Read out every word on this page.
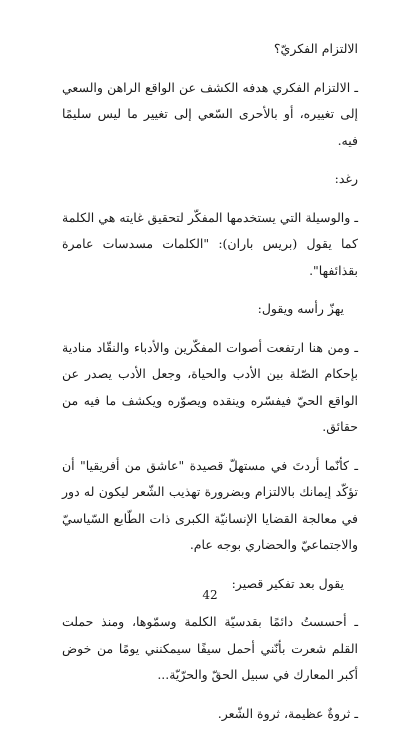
الالتزام الفكريّ؟

ـ الالتزام الفكري هدفه الكشف عن الواقع الراهن والسعي إلى تغييره، أو بالأحرى السّعي إلى تغيير ما ليس سليمًا فيه.

رغد:

ـ والوسيلة التي يستخدمها المفكّر لتحقيق غايته هي الكلمة كما يقول (بريس باران): "الكلمات مسدسات عامرة بقذائفها".

يهزّ رأسه ويقول:

ـ ومن هنا ارتفعت أصوات المفكّرين والأدباء والنقّاد منادية بإحكام الصّلة بين الأدب والحياة، وجعل الأدب يصدر عن الواقع الحيّ فيفسّره وينقده ويصوّره ويكشف ما فيه من حقائق.

ـ كأنّما أردتَ في مستهلّ قصيدة "عاشق من أفريقيا" أن تؤكّد إيمانك بالالتزام وبضرورة تهذيب الشّعر ليكون له دور في معالجة القضايا الإنسانيّة الكبرى ذات الطّابع السّياسيّ والاجتماعيّ والحضاري بوجه عام.

يقول بعد تفكير قصير:

ـ أحسستُ دائمًا بقدسيّة الكلمة وسمّوها، ومنذ حملت القلم شعرت بأنّني أحمل سيفًا سيمكنني يومًا من خوض أكبر المعارك في سبيل الحقّ والحرّيّة...

ـ ثروةٌ عظيمة، ثروة الشّعر.

42
